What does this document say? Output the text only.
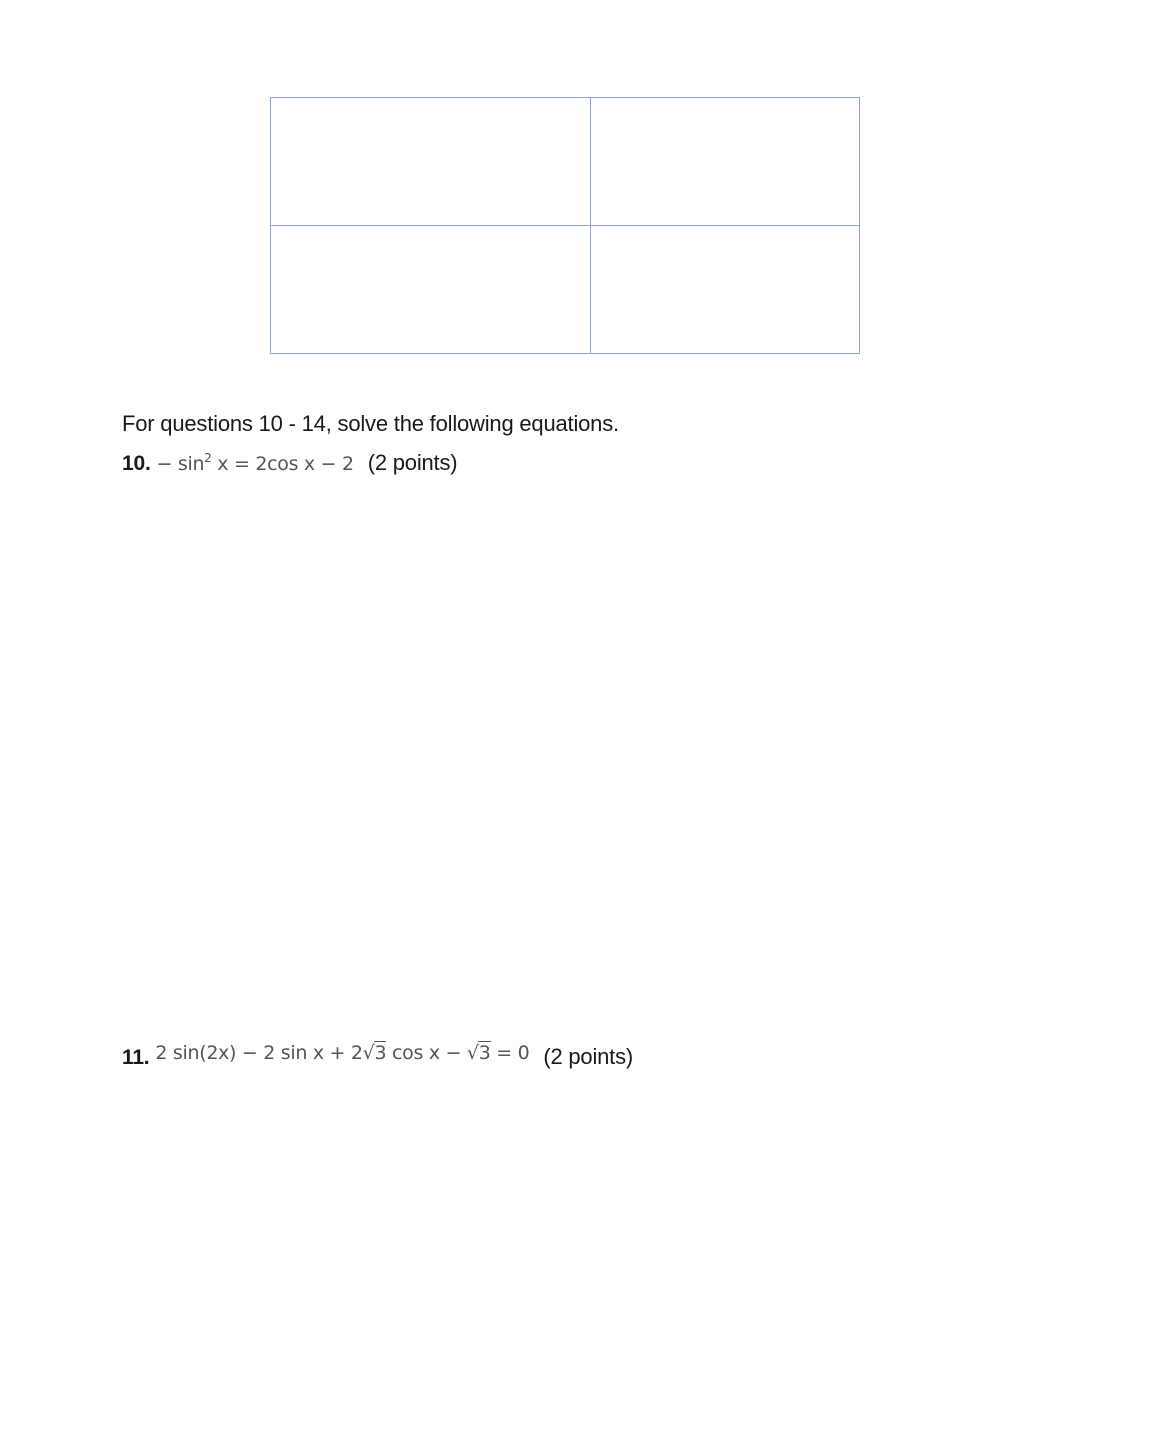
For questions 10 - 14, solve the following equations.
10. − $\sin^2 x = 2\cos$ x − 2 (2 points)
11. 2 sin(2x) − 2 sin x + 2√3 cos x − √3 = 0 (2 points)
